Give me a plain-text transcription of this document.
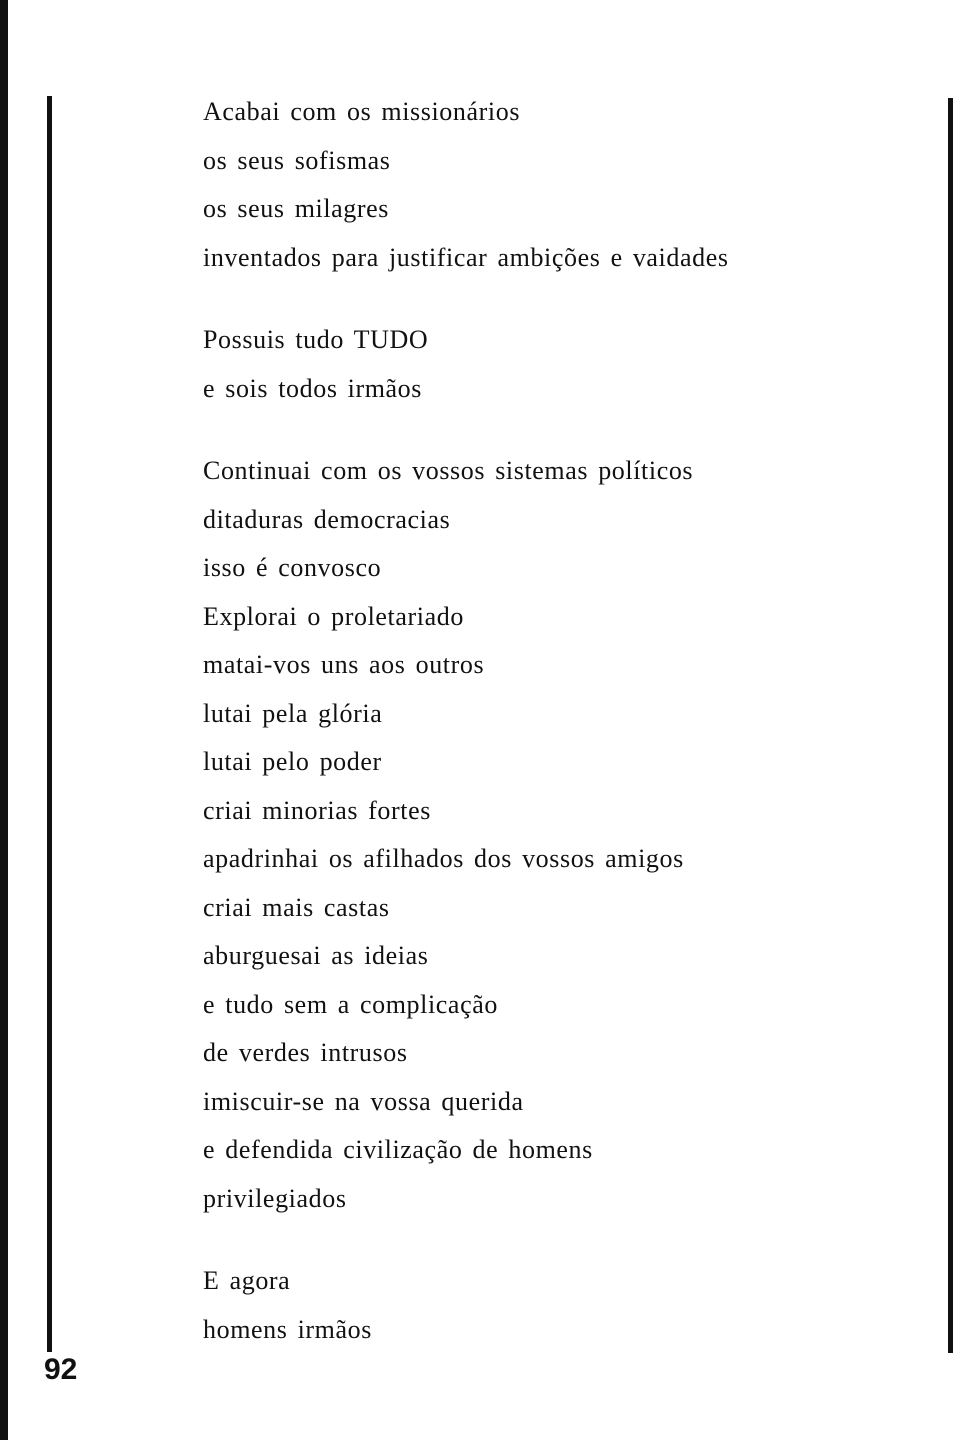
Acabai com os missionários
os seus sofismas
os seus milagres
inventados para justificar ambições e vaidades
Possuis tudo TUDO
e sois todos irmãos
Continuai com os vossos sistemas políticos
ditaduras democracias
isso é convosco
Explorai o proletariado
matai-vos uns aos outros
lutai pela glória
lutai pelo poder
criai minorias fortes
apadrinhai os afilhados dos vossos amigos
criai mais castas
aburguesai as ideias
e tudo sem a complicação
de verdes intrusos
imiscuir-se na vossa querida
e defendida civilização de homens
privilegiados
E agora
homens irmãos
92
